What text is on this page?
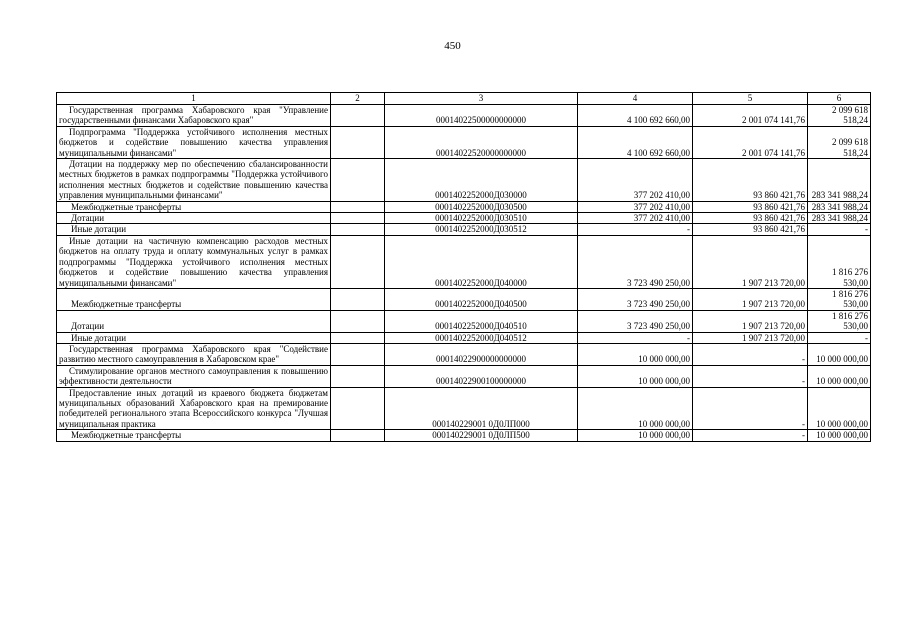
450
1	2	3	4	5	6
Государственная программа Хабаровского края "Управление государственными финансами Хабаровского края"		00014022500000000000	4 100 692 660,00	2 001 074 141,76	2 099 618 518,24
Подпрограмма "Поддержка устойчивого исполнения местных бюджетов и содействие повышению качества управления муниципальными финансами"		00014022520000000000	4 100 692 660,00	2 001 074 141,76	2 099 618 518,24
Дотации на поддержку мер по обеспечению сбалансированности местных бюджетов в рамках подпрограммы "Поддержка устойчивого исполнения местных бюджетов и содействие повышению качества управления муниципальными финансами"		0001402252000Д030000	377 202 410,00	93 860 421,76	283 341 988,24
Межбюджетные трансферты		0001402252000Д030500	377 202 410,00	93 860 421,76	283 341 988,24
Дотации		0001402252000Д030510	377 202 410,00	93 860 421,76	283 341 988,24
Иные дотации		0001402252000Д030512	-	93 860 421,76	-
Иные дотации на частичную компенсацию расходов местных бюджетов на оплату труда и оплату коммунальных услуг в рамках подпрограммы "Поддержка устойчивого исполнения местных бюджетов и содействие повышению качества управления муниципальными финансами"		0001402252000Д040000	3 723 490 250,00	1 907 213 720,00	1 816 276 530,00
Межбюджетные трансферты		0001402252000Д040500	3 723 490 250,00	1 907 213 720,00	1 816 276 530,00
Дотации		0001402252000Д040510	3 723 490 250,00	1 907 213 720,00	1 816 276 530,00
Иные дотации		0001402252000Д040512	-	1 907 213 720,00	-
Государственная программа Хабаровского края "Содействие развитию местного самоуправления в Хабаровском крае"		00014022900000000000	10 000 000,00	-	10 000 000,00
Стимулирование органов местного самоуправления к повышению эффективности деятельности		00014022900100000000	10 000 000,00	-	10 000 000,00
Предоставление иных дотаций из краевого бюджета бюджетам муниципальных образований Хабаровского края на премирование победителей регионального этапа Всероссийского конкурса "Лучшая муниципальная практика		000140229001 0Д0ЛП000	10 000 000,00	-	10 000 000,00
Межбюджетные трансферты		000140229001 0Д0ЛП500	10 000 000,00	-	10 000 000,00
